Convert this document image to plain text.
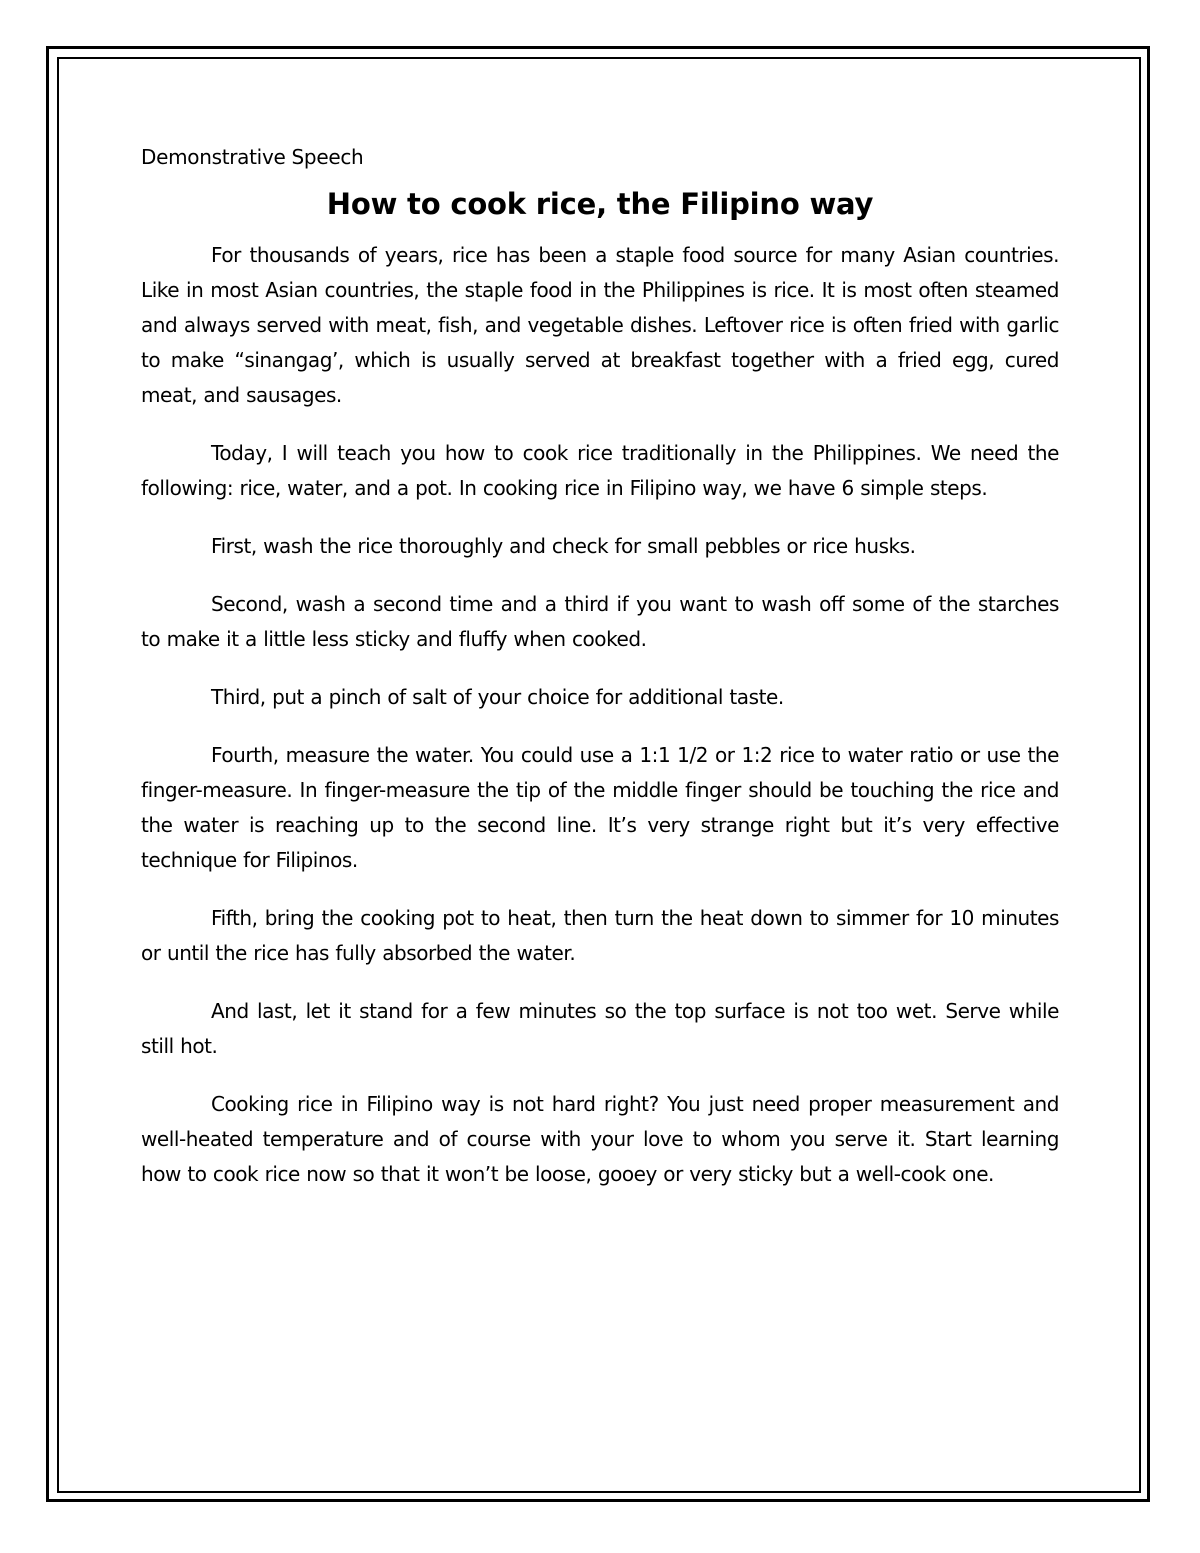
Demonstrative Speech
How to cook rice, the Filipino way

For thousands of years, rice has been a staple food source for many Asian countries. Like in most Asian countries, the staple food in the Philippines is rice. It is most often steamed and always served with meat, fish, and vegetable dishes. Leftover rice is often fried with garlic to make “sinangag’, which is usually served at breakfast together with a fried egg, cured meat, and sausages.

Today, I will teach you how to cook rice traditionally in the Philippines. We need the following: rice, water, and a pot. In cooking rice in Filipino way, we have 6 simple steps.

First, wash the rice thoroughly and check for small pebbles or rice husks.

Second, wash a second time and a third if you want to wash off some of the starches to make it a little less sticky and fluffy when cooked.

Third, put a pinch of salt of your choice for additional taste.

Fourth, measure the water. You could use a 1:1 1/2 or 1:2 rice to water ratio or use the finger-measure. In finger-measure the tip of the middle finger should be touching the rice and the water is reaching up to the second line. It’s very strange right but it’s very effective technique for Filipinos.

Fifth, bring the cooking pot to heat, then turn the heat down to simmer for 10 minutes or until the rice has fully absorbed the water.

And last, let it stand for a few minutes so the top surface is not too wet. Serve while still hot.

Cooking rice in Filipino way is not hard right? You just need proper measurement and well-heated temperature and of course with your love to whom you serve it. Start learning how to cook rice now so that it won’t be loose, gooey or very sticky but a well-cook one.
